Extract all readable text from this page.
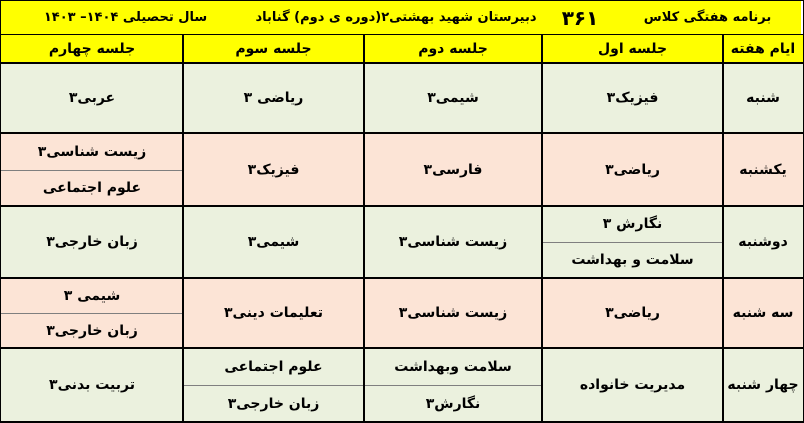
برنامه هفتگی کلاس
۳۶۱
دبیرستان شهید بهشتی۲(دوره ی دوم) گناباد
سال تحصیلی ۱۴۰۴– ۱۴۰۳
ایام هفته
جلسه اول
جلسه دوم
جلسه سوم
جلسه چهارم
شنبه
فیزیک۳
شیمی۳
ریاضی ۳
عربی۳
یکشنبه
ریاضی۳
فارسی۳
فیزیک۳
زیست شناسی۳
علوم اجتماعی
دوشنبه
نگارش ۳
سلامت و بهداشت
زیست شناسی۳
شیمی۳
زبان خارجی۳
سه شنبه
ریاضی۳
زیست شناسی۳
تعلیمات دینی۳
شیمی ۳
زبان خارجی۳
چهار شنبه
مدیریت خانواده
سلامت وبهداشت
نگارش۳
علوم اجتماعی
زبان خارجی۳
تربیت بدنی۳
